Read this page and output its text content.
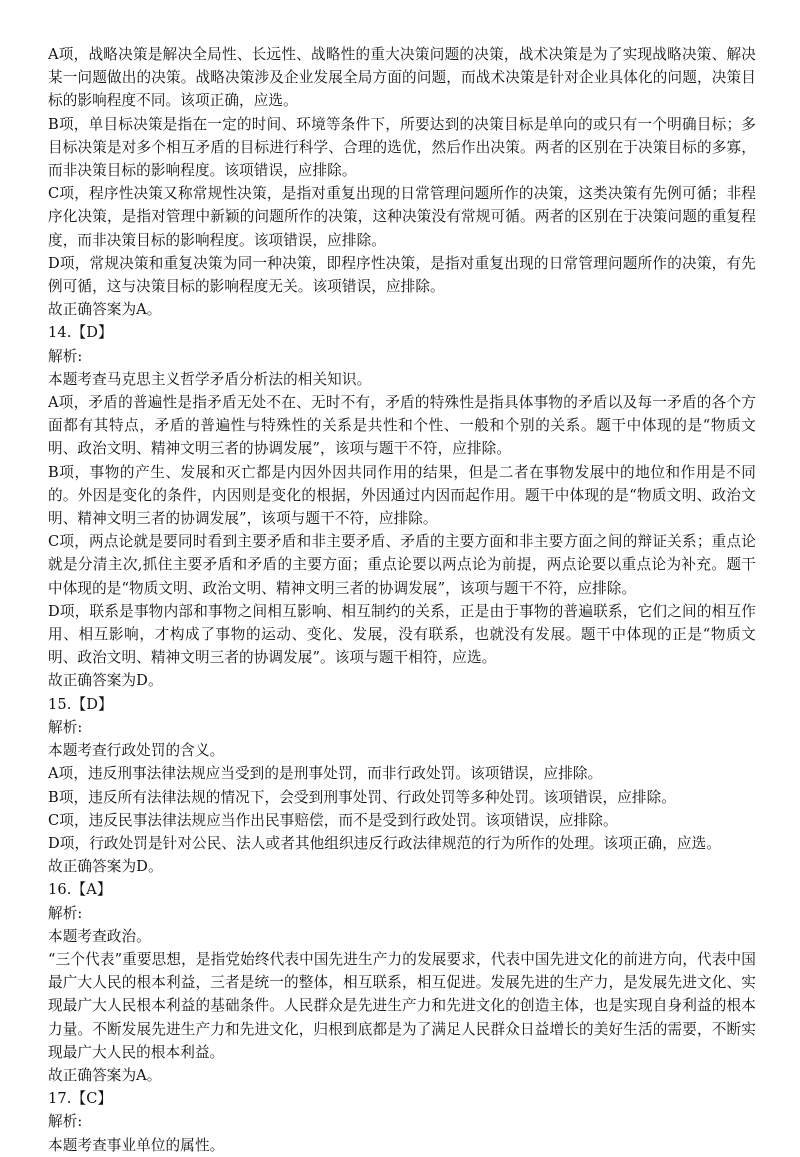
A项，战略决策是解决全局性、长远性、战略性的重大决策问题的决策，战术决策是为了实现战略决策、解决某一问题做出的决策。战略决策涉及企业发展全局方面的问题，而战术决策是针对企业具体化的问题，决策目标的影响程度不同。该项正确，应选。

B项，单目标决策是指在一定的时间、环境等条件下，所要达到的决策目标是单向的或只有一个明确目标；多目标决策是对多个相互矛盾的目标进行科学、合理的选优，然后作出决策。两者的区别在于决策目标的多寡，而非决策目标的影响程度。该项错误，应排除。

C项，程序性决策又称常规性决策，是指对重复出现的日常管理问题所作的决策，这类决策有先例可循；非程序化决策，是指对管理中新颖的问题所作的决策，这种决策没有常规可循。两者的区别在于决策问题的重复程度，而非决策目标的影响程度。该项错误，应排除。

D项，常规决策和重复决策为同一种决策，即程序性决策，是指对重复出现的日常管理问题所作的决策，有先例可循，这与决策目标的影响程度无关。该项错误，应排除。

故正确答案为A。

14.【D】

解析:

本题考查马克思主义哲学矛盾分析法的相关知识。

A项，矛盾的普遍性是指矛盾无处不在、无时不有，矛盾的特殊性是指具体事物的矛盾以及每一矛盾的各个方面都有其特点，矛盾的普遍性与特殊性的关系是共性和个性、一般和个别的关系。题干中体现的是“物质文明、政治文明、精神文明三者的协调发展”，该项与题干不符，应排除。

B项，事物的产生、发展和灭亡都是内因外因共同作用的结果，但是二者在事物发展中的地位和作用是不同的。外因是变化的条件，内因则是变化的根据，外因通过内因而起作用。题干中体现的是“物质文明、政治文明、精神文明三者的协调发展”，该项与题干不符，应排除。

C项，两点论就是要同时看到主要矛盾和非主要矛盾、矛盾的主要方面和非主要方面之间的辩证关系；重点论就是分清主次,抓住主要矛盾和矛盾的主要方面；重点论要以两点论为前提，两点论要以重点论为补充。题干中体现的是“物质文明、政治文明、精神文明三者的协调发展”，该项与题干不符，应排除。

D项，联系是事物内部和事物之间相互影响、相互制约的关系，正是由于事物的普遍联系，它们之间的相互作用、相互影响，才构成了事物的运动、变化、发展，没有联系，也就没有发展。题干中体现的正是“物质文明、政治文明、精神文明三者的协调发展”。该项与题干相符，应选。

故正确答案为D。

15.【D】

解析:

本题考查行政处罚的含义。

A项，违反刑事法律法规应当受到的是刑事处罚，而非行政处罚。该项错误，应排除。

B项，违反所有法律法规的情况下，会受到刑事处罚、行政处罚等多种处罚。该项错误，应排除。

C项，违反民事法律法规应当作出民事赔偿，而不是受到行政处罚。该项错误，应排除。

D项，行政处罚是针对公民、法人或者其他组织违反行政法律规范的行为所作的处理。该项正确，应选。

故正确答案为D。

16.【A】

解析:

本题考查政治。

“三个代表”重要思想，是指党始终代表中国先进生产力的发展要求，代表中国先进文化的前进方向，代表中国最广大人民的根本利益，三者是统一的整体，相互联系，相互促进。发展先进的生产力，是发展先进文化、实现最广大人民根本利益的基础条件。人民群众是先进生产力和先进文化的创造主体，也是实现自身利益的根本力量。不断发展先进生产力和先进文化，归根到底都是为了满足人民群众日益增长的美好生活的需要，不断实现最广大人民的根本利益。

故正确答案为A。

17.【C】

解析:

本题考查事业单位的属性。
